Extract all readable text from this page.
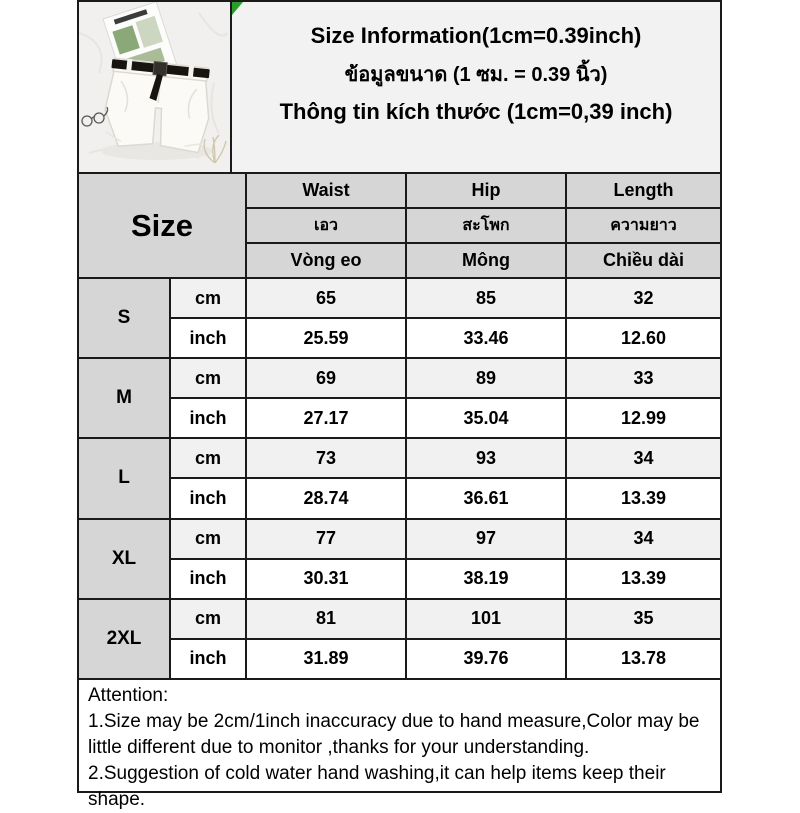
Size Information(1cm=0.39inch)
ข้อมูลขนาด (1 ซม. = 0.39 นิ้ว)
Thông tin kích thước (1cm=0,39 inch)
Size
Waist	Hip	Length
เอว	สะโพก	ความยาว
Vòng eo	Mông	Chiều dài
S
cm	65	85	32
inch	25.59	33.46	12.60
M
cm	69	89	33
inch	27.17	35.04	12.99
L
cm	73	93	34
inch	28.74	36.61	13.39
XL
cm	77	97	34
inch	30.31	38.19	13.39
2XL
cm	81	101	35
inch	31.89	39.76	13.78
Attention:
1.Size may be 2cm/1inch inaccuracy due to hand measure,Color may be little different due to monitor ,thanks for your understanding.
2.Suggestion of cold water hand washing,it can help items keep their shape.
